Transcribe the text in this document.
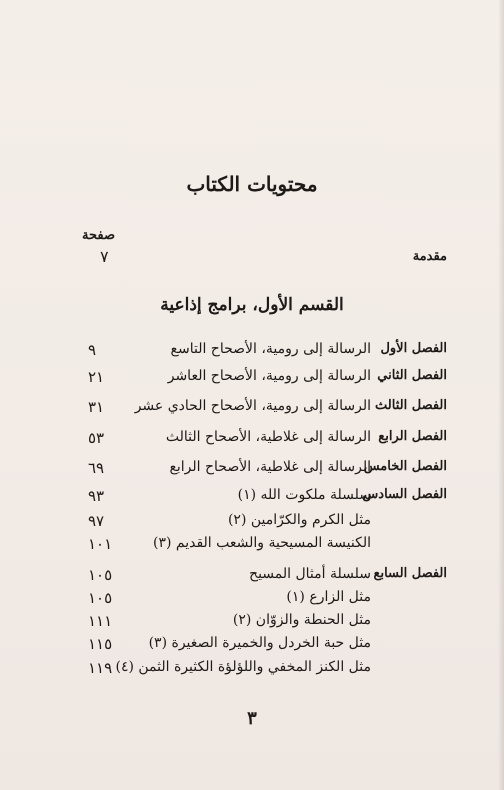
محتويات الكتاب
صفحة
مقدمة
٧
القسم الأول، برامج إذاعية
الفصل الأول
الرسالة إلى رومية، الأصحاح التاسع
٩
الفصل الثاني
الرسالة إلى رومية، الأصحاح العاشر
٢١
الفصل الثالث
الرسالة إلى رومية، الأصحاح الحادي عشر
٣١
الفصل الرابع
الرسالة إلى غلاطية، الأصحاح الثالث
٥٣
الفصل الخامس
الرسالة إلى غلاطية، الأصحاح الرابع
٦٩
الفصل السادس
سلسلة ملكوت الله (١)
٩٣
مثل الكرم والكرّامين (٢)
٩٧
الكنيسة المسيحية والشعب القديم (٣)
١٠١
الفصل السابع
سلسلة أمثال المسيح
١٠٥
مثل الزارع (١)
١٠٥
مثل الحنطة والزوّان (٢)
١١١
مثل حبة الخردل والخميرة الصغيرة (٣)
١١٥
مثل الكنز المخفي واللؤلؤة الكثيرة الثمن (٤)
١١٩
٣
